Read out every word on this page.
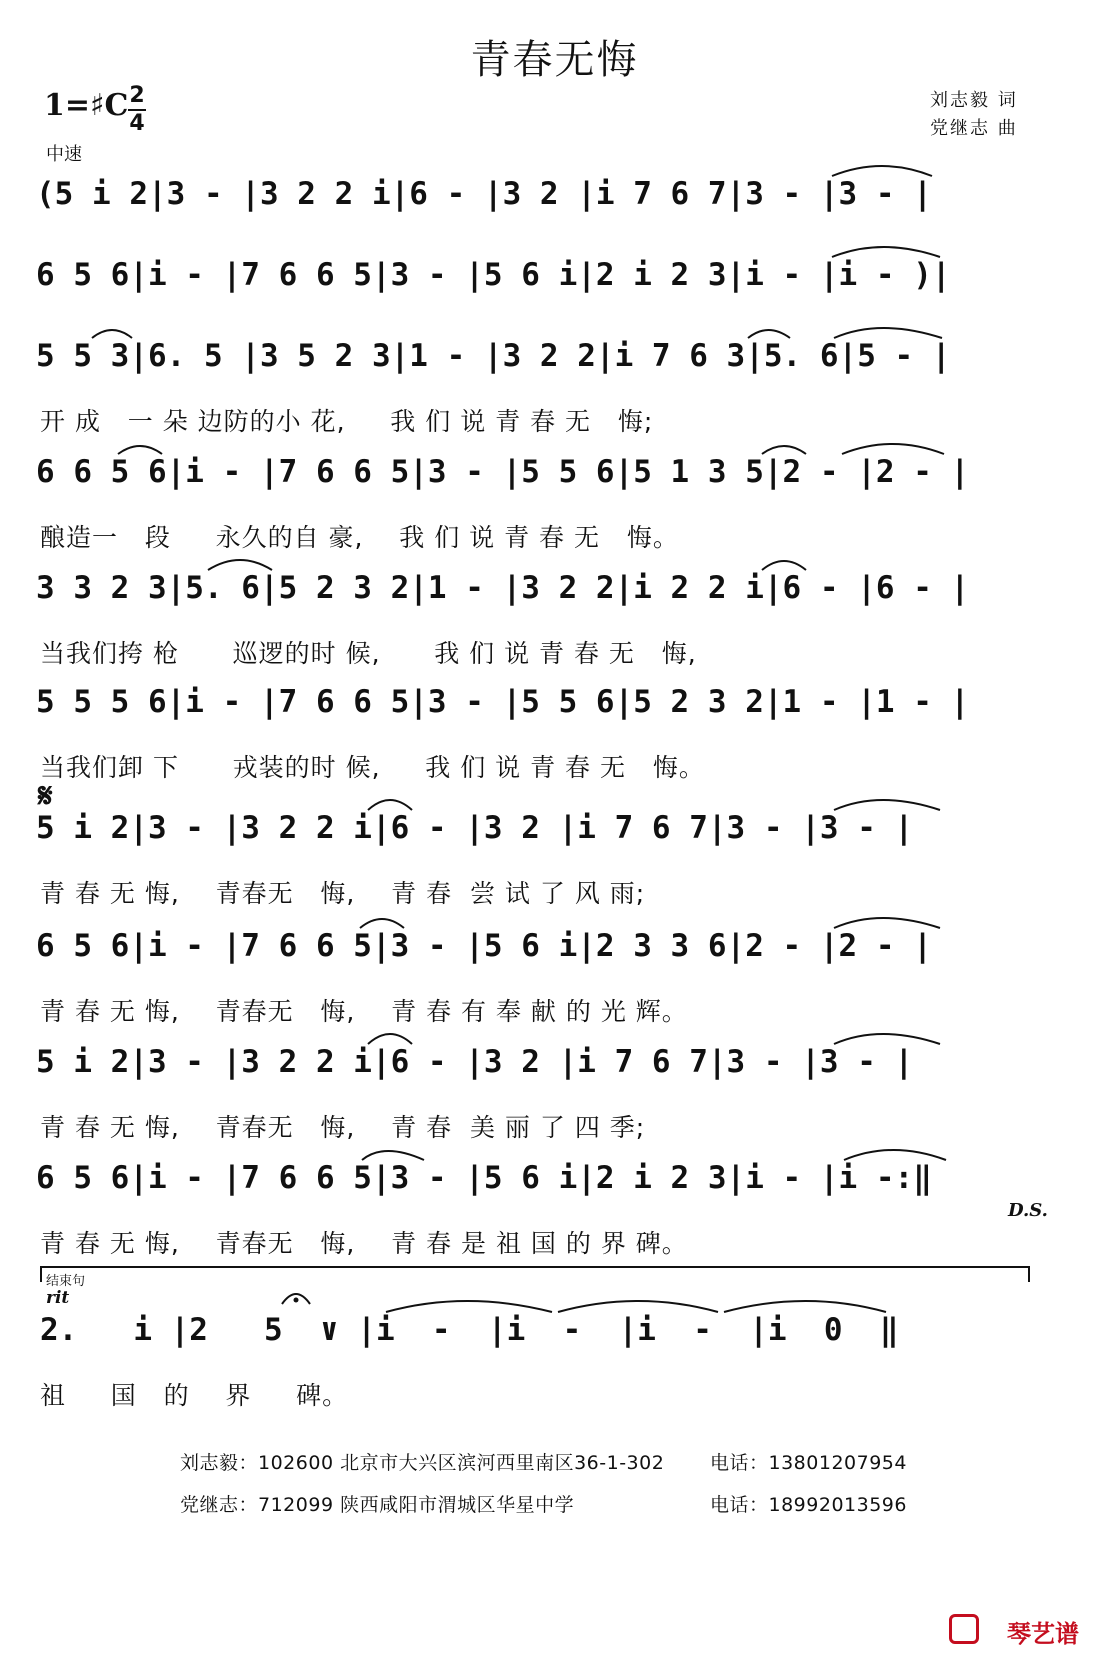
青春无悔
1=♯C 2
4
中速
刘志毅 词
党继志 曲
(5 i 2|3 - |3 2 2 i|6 - |3 2 |i 7 6 7|3 - |3 - |
6 5 6|i - |7 6 6 5|3 - |5 6 i|2 i 2 3|i - |i - )|
5 5 3|6. 5 |3 5 2 3|1 - |3 2 2|i 7 6 3|5. 6|5 - |
开 成   一 朵 边防的小 花,     我 们 说 青 春 无   悔;
6 6 5 6|i - |7 6 6 5|3 - |5 5 6|5 1 3 5|2 - |2 - |
酿造一   段     永久的自 豪,    我 们 说 青 春 无   悔。
3 3 2 3|5. 6|5 2 3 2|1 - |3 2 2|i 2 2 i|6 - |6 - |
当我们挎 枪      巡逻的时 候,      我 们 说 青 春 无   悔,
5 5 5 6|i - |7 6 6 5|3 - |5 5 6|5 2 3 2|1 - |1 - |
当我们卸 下      戎装的时 候,     我 们 说 青 春 无   悔。
𝄋
5 i 2|3 - |3 2 2 i|6 - |3 2 |i 7 6 7|3 - |3 - |
青 春 无 悔,    青春无   悔,    青 春  尝 试 了 风 雨;
6 5 6|i - |7 6 6 5|3 - |5 6 i|2 3 3 6|2 - |2 - |
青 春 无 悔,    青春无   悔,    青 春 有 奉 献 的 光 辉。
5 i 2|3 - |3 2 2 i|6 - |3 2 |i 7 6 7|3 - |3 - |
青 春 无 悔,    青春无   悔,    青 春  美 丽 了 四 季;
6 5 6|i - |7 6 6 5|3 - |5 6 i|2 i 2 3|i - |i -:‖
青 春 无 悔,    青春无   悔,    青 春 是 祖 国 的 界 碑。
D.S.
结束句
rit
2.   i |2   5  ∨ |i  -  |i  -  |i  -  |i  0  ‖
祖     国   的    界     碑。
刘志毅：102600 北京市大兴区滨河西里南区36-1-302 电话：13801207954
党继志：712099 陕西咸阳市渭城区华星中学	电话：18992013596
琴艺谱
